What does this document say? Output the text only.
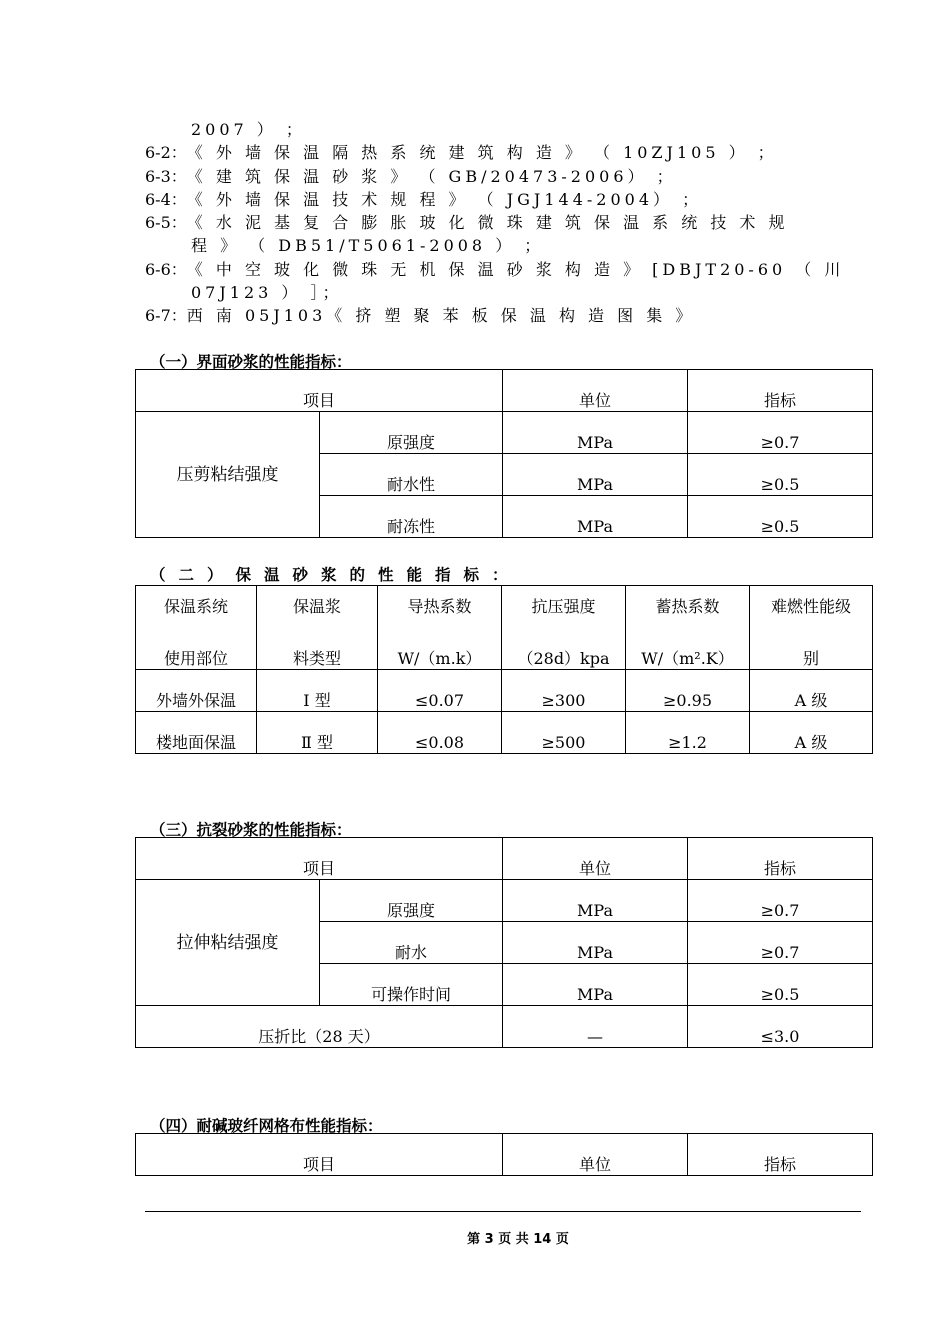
2007 ） ；
6-2： 《 外 墙 保 温 隔 热 系 统 建 筑 构 造 》 （ 10ZJ105 ） ；
6-3： 《 建 筑 保 温 砂 浆 》 （ GB/20473-2006） ；
6-4： 《 外 墙 保 温 技 术 规 程 》 （ JGJ144-2004） ；
6-5： 《 水 泥 基 复 合 膨 胀 玻 化 微 珠 建 筑 保 温 系 统 技 术 规
程 》 （ DB51/T5061-2008 ） ；
6-6： 《 中 空 玻 化 微 珠 无 机 保 温 砂 浆 构 造 》 [DBJT20-60 （ 川
07J123 ） ］；
6-7： 西 南 05J103《 挤 塑 聚 苯 板 保 温 构 造 图 集 》
（一）界面砂浆的性能指标：
项目		单位	指标
压剪粘结强度	原强度	MPa	≥0.7
	耐水性	MPa	≥0.5
	耐冻性	MPa	≥0.5
（二）保温砂浆的性能指标：
保温系统	保温浆	导热系数	抗压强度	蓄热系数	难燃性能级
使用部位	料类型	W/（m.k）	（28d）kpa	W/（m².K）	别
外墙外保温	Ⅰ 型	≤0.07	≥300	≥0.95	A 级
楼地面保温	Ⅱ 型	≤0.08	≥500	≥1.2	A 级
（三）抗裂砂浆的性能指标：
项目		单位	指标
拉伸粘结强度	原强度	MPa	≥0.7
	耐水	MPa	≥0.7
	可操作时间	MPa	≥0.5
压折比（28 天）		—	≤3.0
（四）耐碱玻纤网格布性能指标：
项目	单位	指标
第 3 页 共 14 页
